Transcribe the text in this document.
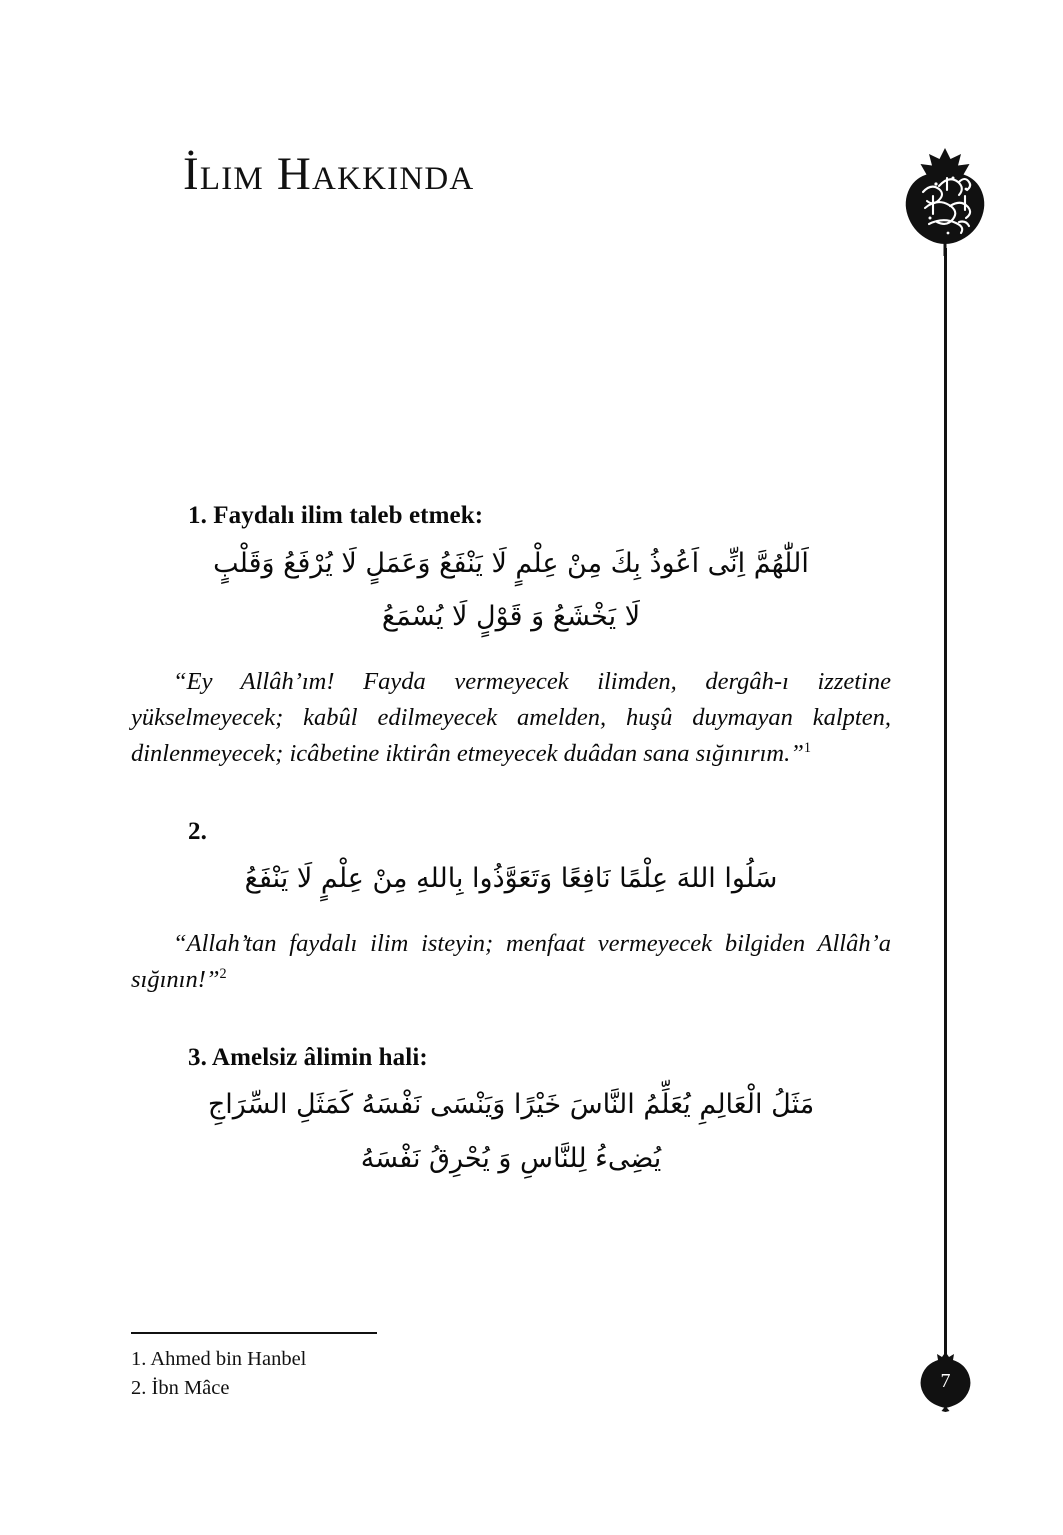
İlim Hakkında
7
1. Faydalı ilim taleb etmek:
اَللّٰهُمَّ اِنِّى اَعُوذُ بِكَ مِنْ عِلْمٍ لَا يَنْفَعُ وَعَمَلٍ لَا يُرْفَعُ وَقَلْبٍ
لَا يَخْشَعُ وَ قَوْلٍ لَا يُسْمَعُ

“Ey Allâh’ım! Fayda vermeyecek ilimden, dergâh-ı izzetine yükselmeyecek; kabûl edilmeyecek amelden, huşû duymayan kalpten, dinlenmeyecek; icâbetine iktirân etmeyecek duâdan sana sığınırım.”$^1$

2.
سَلُوا اللهَ عِلْمًا نَافِعًا وَتَعَوَّذُوا بِاللهِ مِنْ عِلْمٍ لَا يَنْفَعُ

“Allah’tan faydalı ilim isteyin; menfaat vermeyecek bilgiden Allâh’a sığının!”$^2$

3. Amelsiz âlimin hali:
مَثَلُ الْعَالِمِ يُعَلِّمُ النَّاسَ خَيْرًا وَيَنْسَى نَفْسَهُ كَمَثَلِ السِّرَاجِ
يُضِىءُ لِلنَّاسِ وَ يُحْرِقُ نَفْسَهُ
1. Ahmed bin Hanbel
2. İbn Mâce
